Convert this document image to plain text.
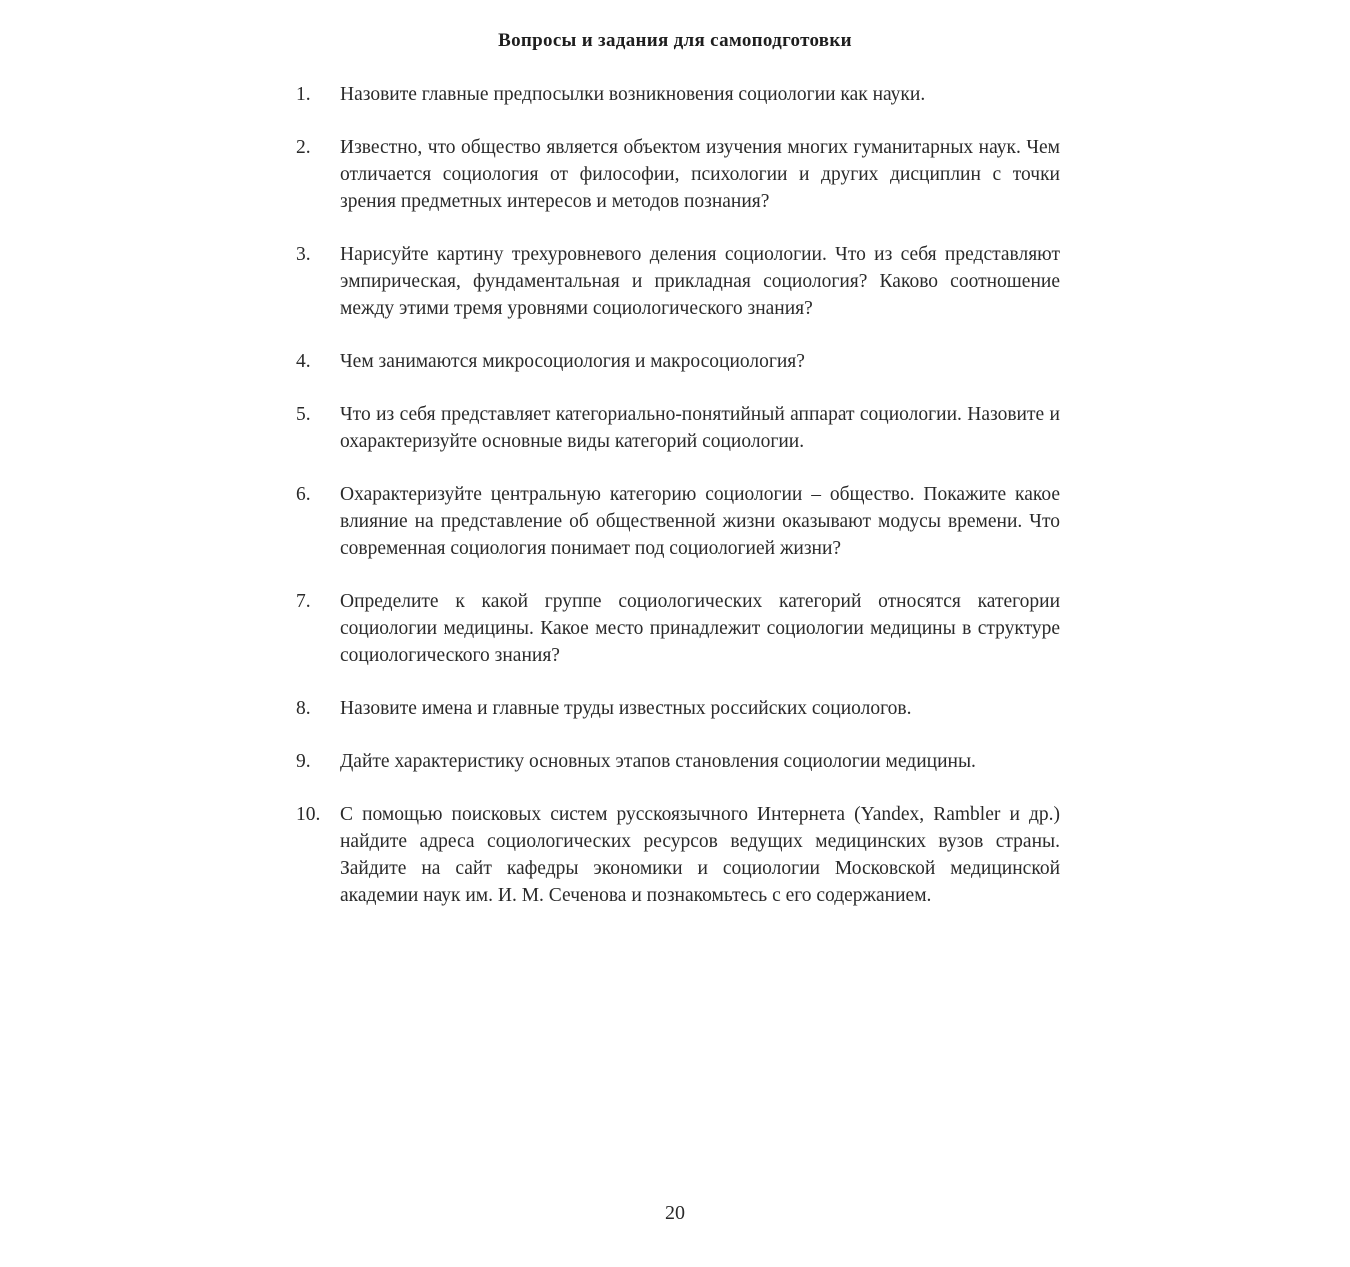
Вопросы и задания для самоподготовки
1.	Назовите главные предпосылки возникновения социологии как науки.
2.	Известно, что общество является объектом изучения многих гуманитарных наук. Чем отличается социология от философии, психологии и других дисциплин с точки зрения предметных интересов и методов познания?
3.	Нарисуйте картину трехуровневого деления социологии. Что из себя представляют эмпирическая, фундаментальная и прикладная социология? Каково соотношение между этими тремя уровнями социологического знания?
4.	Чем занимаются микросоциология и макросоциология?
5.	Что из себя представляет категориально-понятийный аппарат социологии. Назовите и охарактеризуйте основные виды категорий социологии.
6.	Охарактеризуйте центральную категорию социологии – общество. Покажите какое влияние на представление об общественной жизни оказывают модусы времени. Что современная социология понимает под социологией жизни?
7.	Определите к какой группе социологических категорий относятся категории социологии медицины. Какое место принадлежит социологии медицины в структуре социологического знания?
8.	Назовите имена и главные труды известных российских социологов.
9.	Дайте характеристику основных этапов становления социологии медицины.
10.	С помощью поисковых систем русскоязычного Интернета (Yandex, Rambler и др.) найдите адреса социологических ресурсов ведущих медицинских вузов страны. Зайдите на сайт кафедры экономики и социологии Московской медицинской академии наук им. И. М. Сеченова и познакомьтесь с его содержанием.
20
